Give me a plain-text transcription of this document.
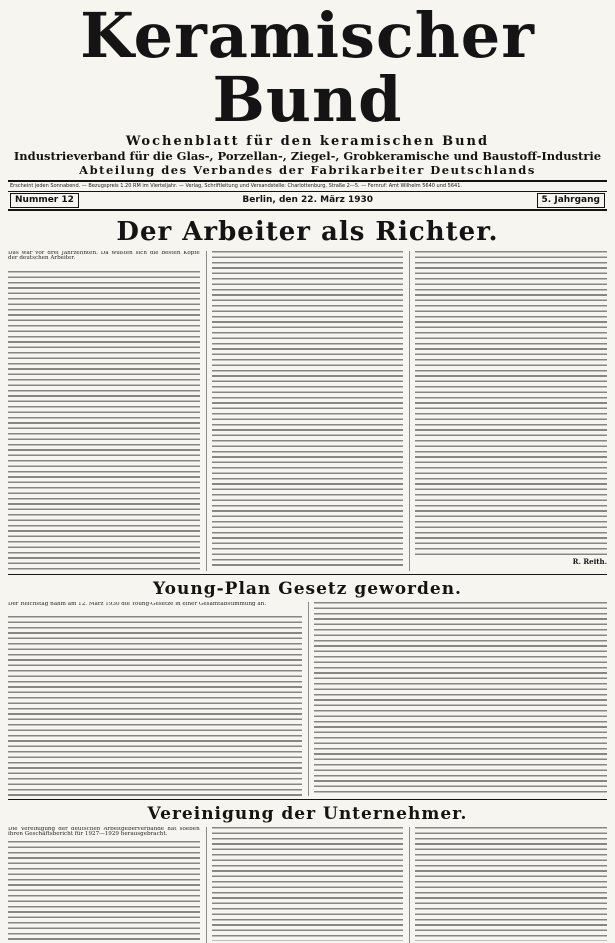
Keramischer Bund
Wochenblatt für den keramischen Bund
Industrieverband für die Glas-, Porzellan-, Ziegel-, Grobkeramische und Baustoff-Industrie
Abteilung des Verbandes der Fabrikarbeiter Deutschlands
Erscheint jeden Sonnabend. — Bezugspreis 1.20 RM im Vierteljahr. — Verlag, Schriftleitung und Versandstelle: Charlottenburg, Straße 2—5. — Fernruf: Amt Wilhelm 5640 und 5641.
Nummer 12	Berlin, den 22. März 1930	5. Jahrgang
Der Arbeiter als Richter.
Das war vor drei Jahrzehnten. Da wußten sich die besten Köpfe der deutschen Arbeiter.
R. Reith.
Young-Plan Gesetz geworden.
Der Reichstag nahm am 12. März 1930 die Young-Gesetze in einer Gesamtabstimmung an.
Vereinigung der Unternehmer.
Die Vereinigung der deutschen Arbeitgeberverbände hat soeben ihren Geschäftsbericht für 1927—1929 herausgebracht.
